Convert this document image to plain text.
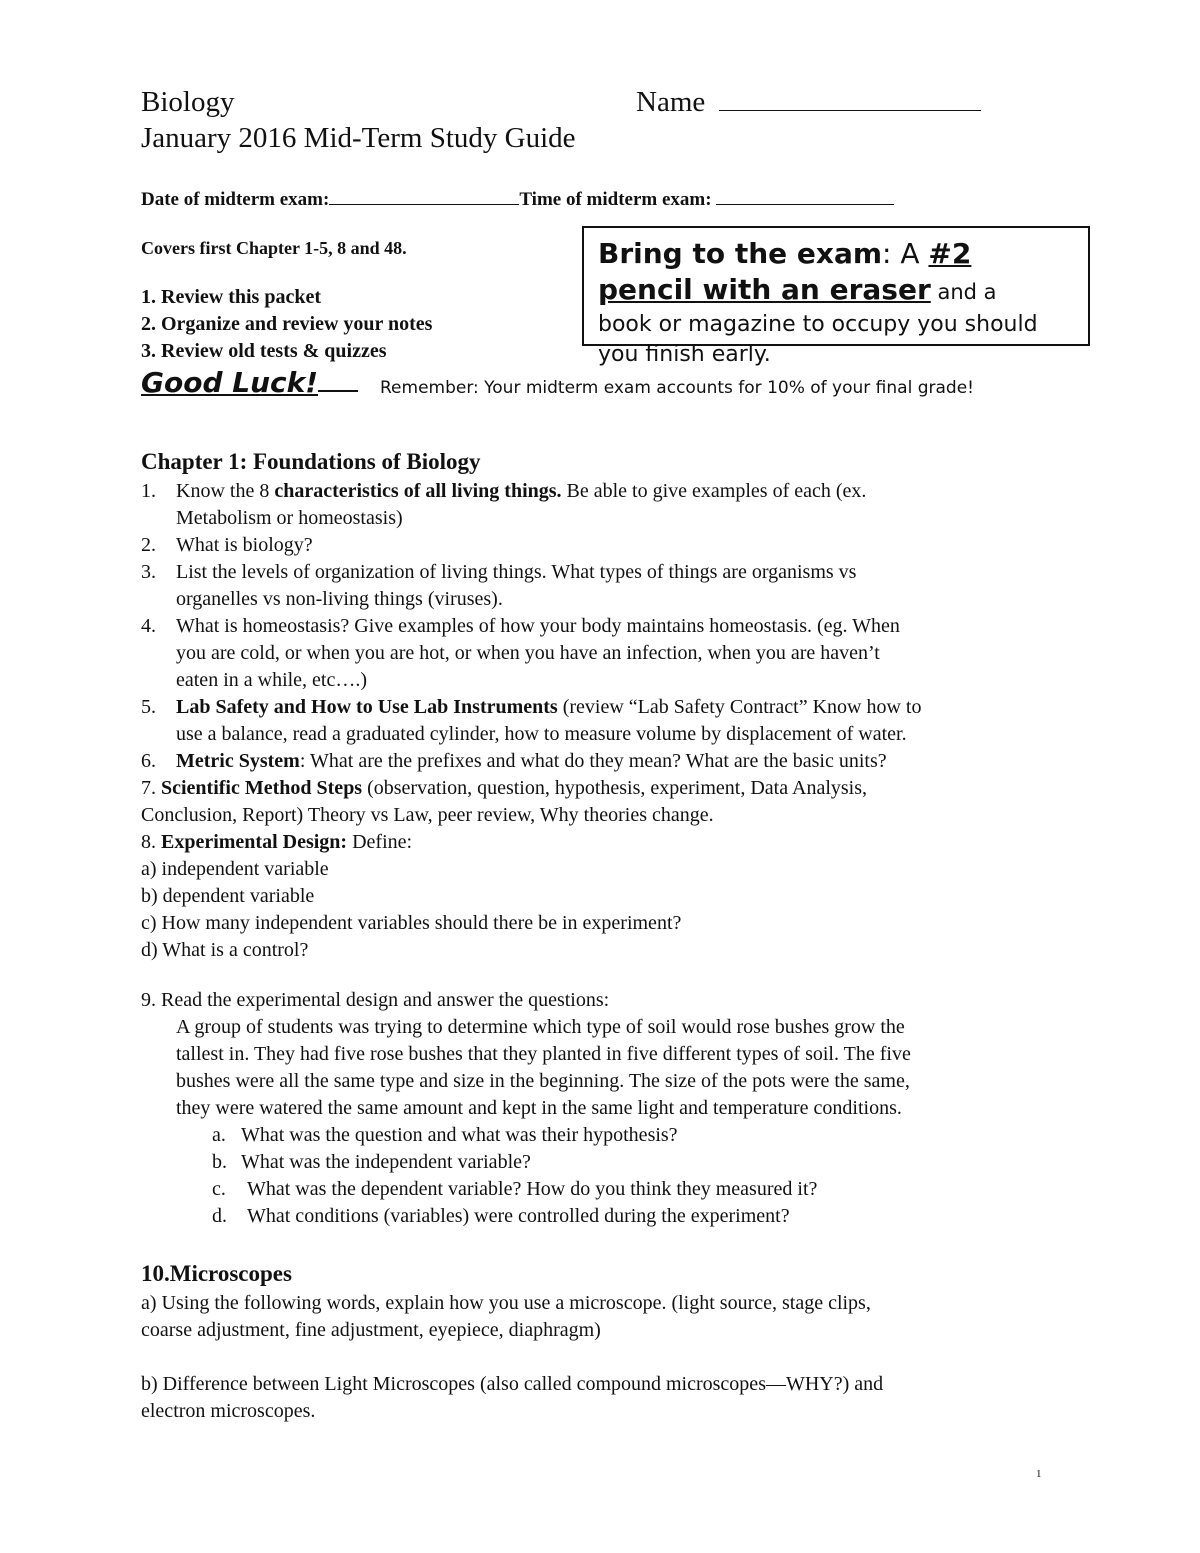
Biology	Name
January 2016 Mid-Term Study Guide
Date of midterm exam:	Time of midterm exam:
Covers first Chapter 1-5, 8 and 48.
1. Review this packet
2. Organize and review your notes
3. Review old tests & quizzes
Bring to the exam: A #2
pencil with an eraser and a
book or magazine to occupy you should
you finish early.
Good Luck!	Remember: Your midterm exam accounts for 10% of your final grade!
Chapter 1: Foundations of Biology
1. Know the 8 characteristics of all living things. Be able to give examples of each (ex.
Metabolism or homeostasis)
2. What is biology?
3. List the levels of organization of living things. What types of things are organisms vs
organelles vs non-living things (viruses).
4. What is homeostasis? Give examples of how your body maintains homeostasis. (eg. When
you are cold, or when you are hot, or when you have an infection, when you are haven’t
eaten in a while, etc….)
5. Lab Safety and How to Use Lab Instruments (review “Lab Safety Contract” Know how to
use a balance, read a graduated cylinder, how to measure volume by displacement of water.
6. Metric System: What are the prefixes and what do they mean? What are the basic units?
7. Scientific Method Steps (observation, question, hypothesis, experiment, Data Analysis,
Conclusion, Report) Theory vs Law, peer review, Why theories change.
8. Experimental Design: Define:
a) independent variable
b) dependent variable
c) How many independent variables should there be in experiment?
d) What is a control?
9. Read the experimental design and answer the questions:
A group of students was trying to determine which type of soil would rose bushes grow the
tallest in. They had five rose bushes that they planted in five different types of soil. The five
bushes were all the same type and size in the beginning. The size of the pots were the same,
they were watered the same amount and kept in the same light and temperature conditions.
a. What was the question and what was their hypothesis?
b. What was the independent variable?
c. What was the dependent variable? How do you think they measured it?
d. What conditions (variables) were controlled during the experiment?
10.Microscopes
a) Using the following words, explain how you use a microscope. (light source, stage clips,
coarse adjustment, fine adjustment, eyepiece, diaphragm)
b) Difference between Light Microscopes (also called compound microscopes—WHY?) and
electron microscopes.
1
